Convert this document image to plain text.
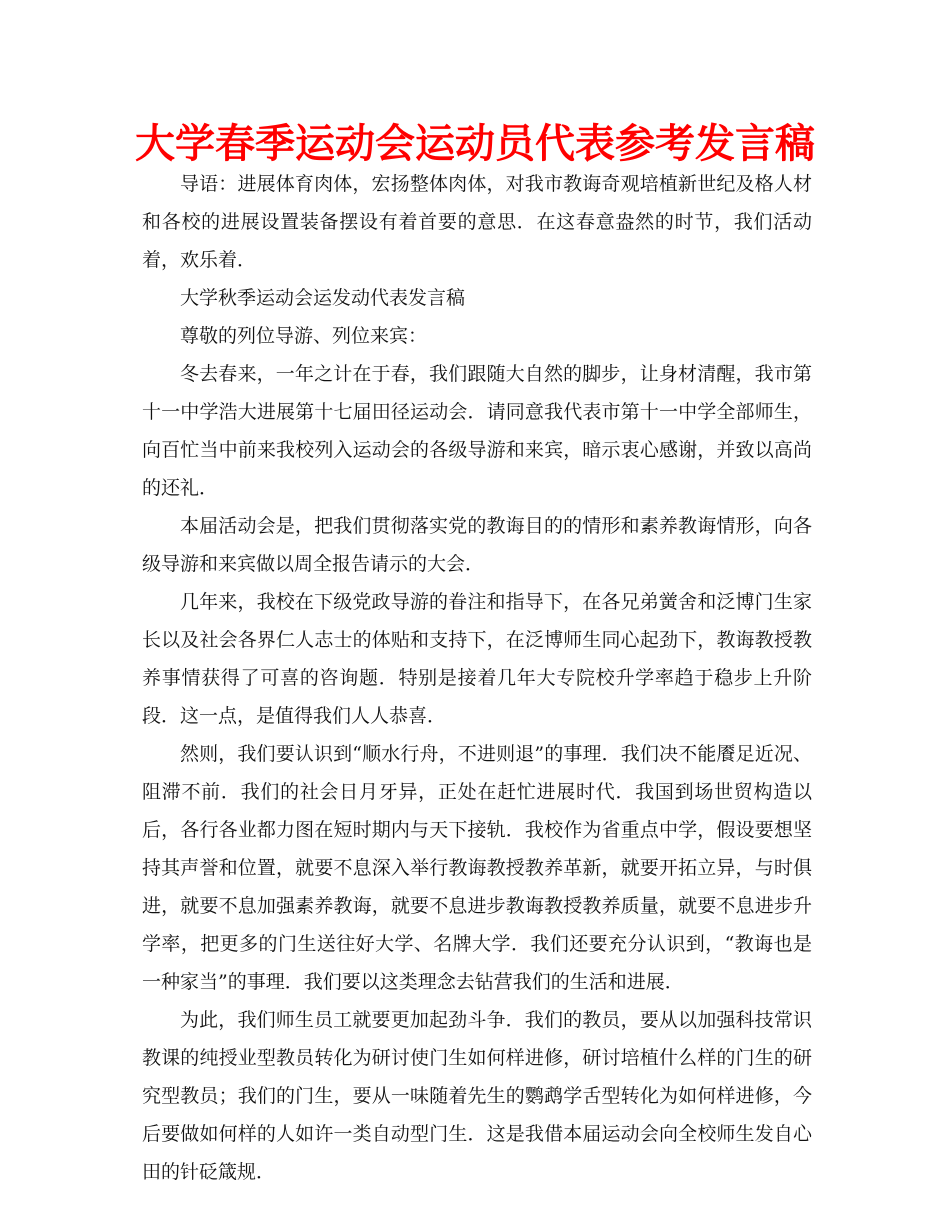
大学春季运动会运动员代表参考发言稿

导语：进展体育肉体，宏扬整体肉体，对我市教诲奇观培植新世纪及格人材和各校的进展设置装备摆设有着首要的意思．在这春意盎然的时节，我们活动着，欢乐着．

大学秋季运动会运发动代表发言稿

尊敬的列位导游、列位来宾：

冬去春来，一年之计在于春，我们跟随大自然的脚步，让身材清醒，我市第十一中学浩大进展第十七届田径运动会．请同意我代表市第十一中学全部师生，向百忙当中前来我校列入运动会的各级导游和来宾，暗示衷心感谢，并致以高尚的还礼．

本届活动会是，把我们贯彻落实党的教诲目的的情形和素养教诲情形，向各级导游和来宾做以周全报告请示的大会．

几年来，我校在下级党政导游的眷注和指导下，在各兄弟黉舍和泛博门生家长以及社会各界仁人志士的体贴和支持下，在泛博师生同心起劲下，教诲教授教养事情获得了可喜的咨询题．特别是接着几年大专院校升学率趋于稳步上升阶段．这一点，是值得我们人人恭喜．

然则，我们要认识到“顺水行舟，不进则退”的事理．我们决不能餍足近况、阻滞不前．我们的社会日月牙异，正处在赶忙进展时代．我国到场世贸构造以后，各行各业都力图在短时期内与天下接轨．我校作为省重点中学，假设要想坚持其声誉和位置，就要不息深入举行教诲教授教养革新，就要开拓立异，与时俱进，就要不息加强素养教诲，就要不息进步教诲教授教养质量，就要不息进步升学率，把更多的门生送往好大学、名牌大学．我们还要充分认识到，“教诲也是一种家当”的事理．我们要以这类理念去钻营我们的生活和进展．

为此，我们师生员工就要更加起劲斗争．我们的教员，要从以加强科技常识教课的纯授业型教员转化为研讨使门生如何样进修，研讨培植什么样的门生的研究型教员；我们的门生，要从一味随着先生的鹦鹉学舌型转化为如何样进修，今后要做如何样的人如许一类自动型门生．这是我借本届运动会向全校师生发自心田的针砭箴规．
